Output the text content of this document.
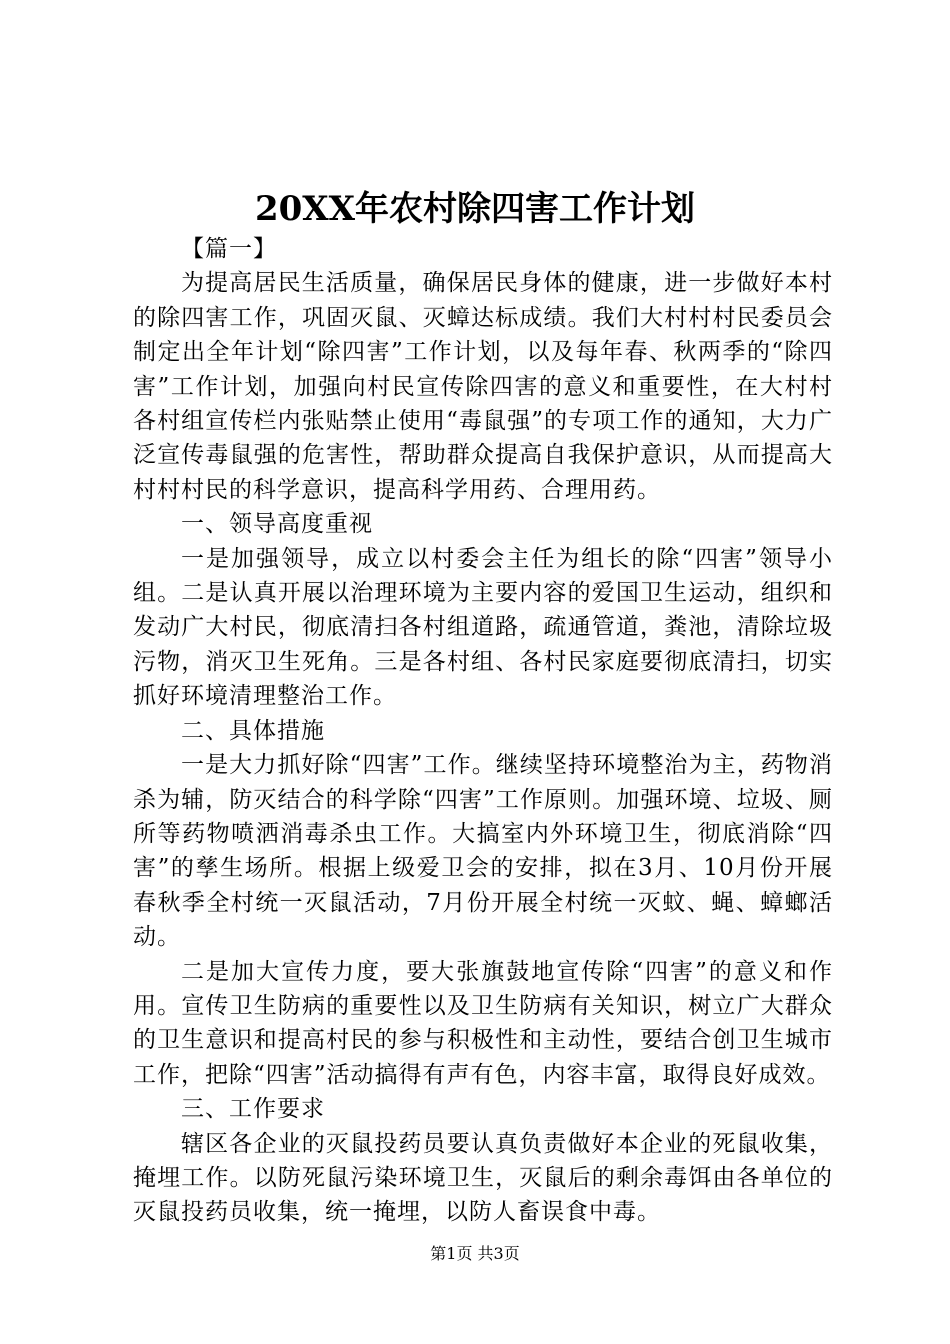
20XX年农村除四害工作计划

【篇一】

为提高居民生活质量，确保居民身体的健康，进一步做好本村的除四害工作，巩固灭鼠、灭蟑达标成绩。我们大村村村民委员会制定出全年计划“除四害”工作计划，以及每年春、秋两季的“除四害”工作计划，加强向村民宣传除四害的意义和重要性，在大村村各村组宣传栏内张贴禁止使用“毒鼠强”的专项工作的通知，大力广泛宣传毒鼠强的危害性，帮助群众提高自我保护意识，从而提高大村村村民的科学意识，提高科学用药、合理用药。

一、领导高度重视

一是加强领导，成立以村委会主任为组长的除“四害”领导小组。二是认真开展以治理环境为主要内容的爱国卫生运动，组织和发动广大村民，彻底清扫各村组道路，疏通管道，粪池，清除垃圾污物，消灭卫生死角。三是各村组、各村民家庭要彻底清扫，切实抓好环境清理整治工作。

二、具体措施

一是大力抓好除“四害”工作。继续坚持环境整治为主，药物消杀为辅，防灭结合的科学除“四害”工作原则。加强环境、垃圾、厕所等药物喷洒消毒杀虫工作。大搞室内外环境卫生，彻底消除“四害”的孳生场所。根据上级爱卫会的安排，拟在3月、10月份开展春秋季全村统一灭鼠活动，7月份开展全村统一灭蚊、蝇、蟑螂活动。

二是加大宣传力度，要大张旗鼓地宣传除“四害”的意义和作用。宣传卫生防病的重要性以及卫生防病有关知识，树立广大群众的卫生意识和提高村民的参与积极性和主动性，要结合创卫生城市工作，把除“四害”活动搞得有声有色，内容丰富，取得良好成效。

三、工作要求

辖区各企业的灭鼠投药员要认真负责做好本企业的死鼠收集，掩埋工作。以防死鼠污染环境卫生，灭鼠后的剩余毒饵由各单位的灭鼠投药员收集，统一掩埋，以防人畜误食中毒。

第1页 共3页
